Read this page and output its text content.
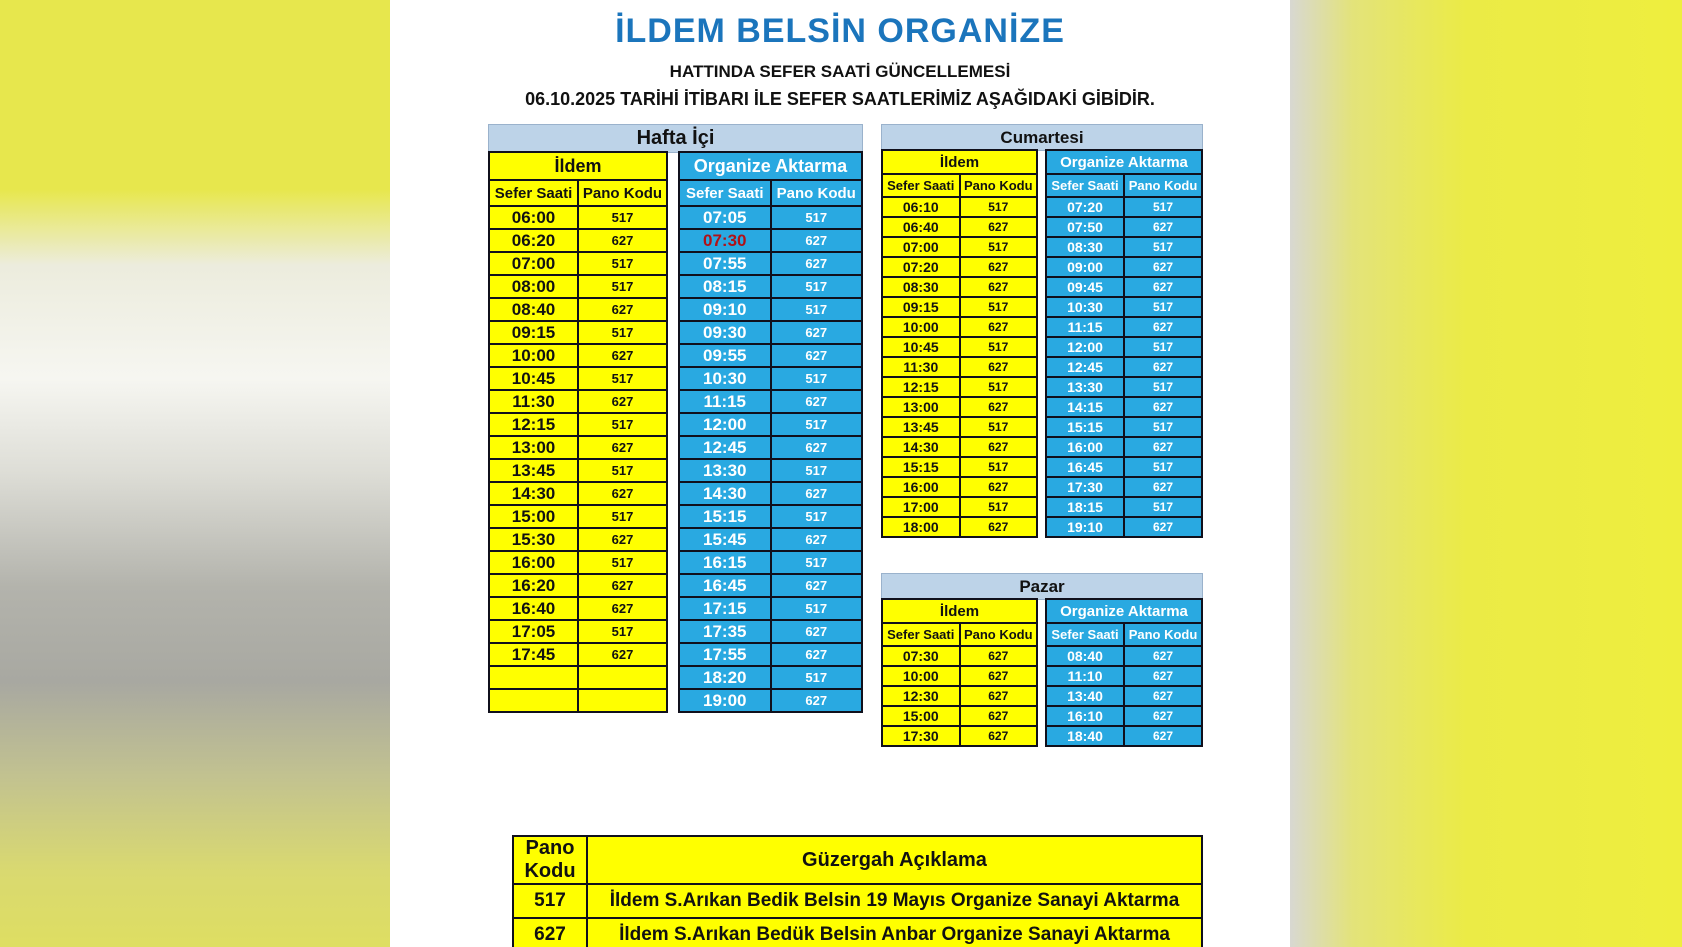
İLDEM BELSİN ORGANİZE
HATTINDA SEFER SAATİ GÜNCELLEMESİ
06.10.2025 TARİHİ İTİBARI İLE SEFER SAATLERİMİZ AŞAĞIDAKİ GİBİDİR.
Hafta İçi
İldem	
Sefer Saati	Pano Kodu
06:00	517
06:20	627
07:00	517
08:00	517
08:40	627
09:15	517
10:00	627
10:45	517
11:30	627
12:15	517
13:00	627
13:45	517
14:30	627
15:00	517
15:30	627
16:00	517
16:20	627
16:40	627
17:05	517
17:45	627

Organize Aktarma	
Sefer Saati	Pano Kodu
07:05	517
07:30	627
07:55	627
08:15	517
09:10	517
09:30	627
09:55	627
10:30	517
11:15	627
12:00	517
12:45	627
13:30	517
14:30	627
15:15	517
15:45	627
16:15	517
16:45	627
17:15	517
17:35	627
17:55	627
18:20	517
19:00	627
Cumartesi
İldem	
Sefer Saati	Pano Kodu
06:10	517
06:40	627
07:00	517
07:20	627
08:30	627
09:15	517
10:00	627
10:45	517
11:30	627
12:15	517
13:00	627
13:45	517
14:30	627
15:15	517
16:00	627
17:00	517
18:00	627
Organize Aktarma	
Sefer Saati	Pano Kodu
07:20	517
07:50	627
08:30	517
09:00	627
09:45	627
10:30	517
11:15	627
12:00	517
12:45	627
13:30	517
14:15	627
15:15	517
16:00	627
16:45	517
17:30	627
18:15	517
19:10	627
Pazar
İldem	
Sefer Saati	Pano Kodu
07:30	627
10:00	627
12:30	627
15:00	627
17:30	627
Organize Aktarma	
Sefer Saati	Pano Kodu
08:40	627
11:10	627
13:40	627
16:10	627
18:40	627
Pano Kodu	Güzergah Açıklama
517	İldem S.Arıkan Bedik Belsin 19 Mayıs Organize Sanayi Aktarma
627	İldem S.Arıkan Bedük Belsin Anbar Organize Sanayi Aktarma
